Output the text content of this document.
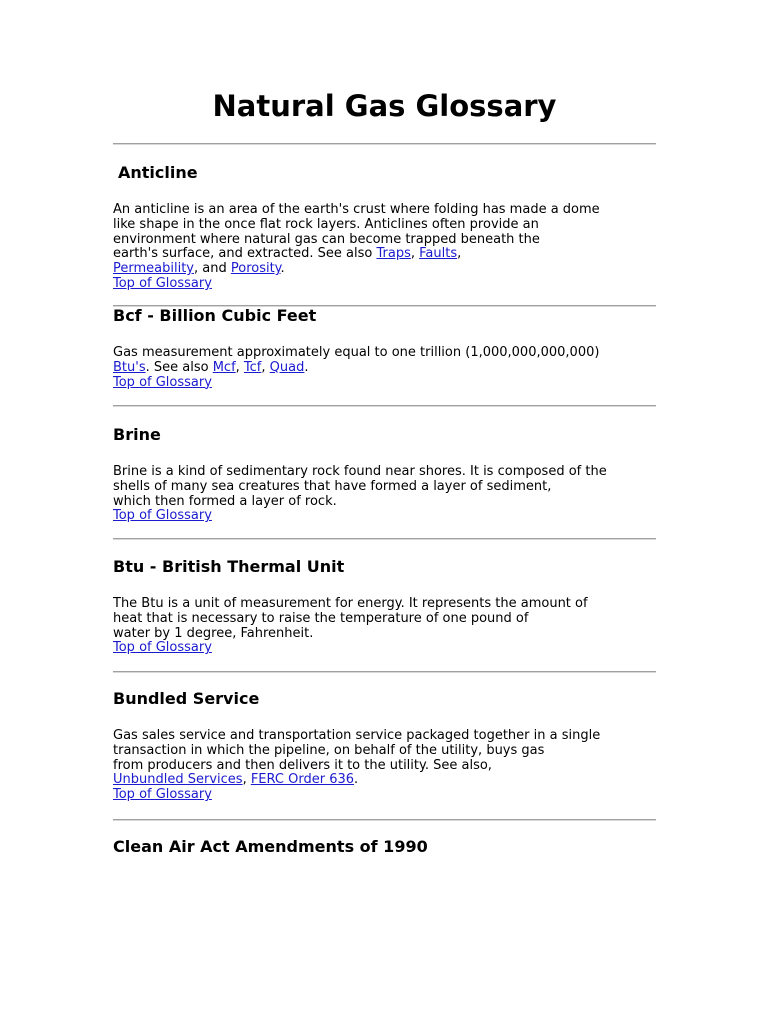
Natural Gas Glossary
Anticline
An anticline is an area of the earth's crust where folding has made a dome
like shape in the once flat rock layers. Anticlines often provide an
environment where natural gas can become trapped beneath the
earth's surface, and extracted. See also Traps, Faults,
Permeability, and Porosity.
Top of Glossary
Bcf - Billion Cubic Feet
Gas measurement approximately equal to one trillion (1,000,000,000,000)
Btu's. See also Mcf, Tcf, Quad.
Top of Glossary
Brine
Brine is a kind of sedimentary rock found near shores. It is composed of the
shells of many sea creatures that have formed a layer of sediment,
which then formed a layer of rock.
Top of Glossary
Btu - British Thermal Unit
The Btu is a unit of measurement for energy. It represents the amount of
heat that is necessary to raise the temperature of one pound of
water by 1 degree, Fahrenheit.
Top of Glossary
Bundled Service
Gas sales service and transportation service packaged together in a single
transaction in which the pipeline, on behalf of the utility, buys gas
from producers and then delivers it to the utility. See also,
Unbundled Services, FERC Order 636.
Top of Glossary
Clean Air Act Amendments of 1990
